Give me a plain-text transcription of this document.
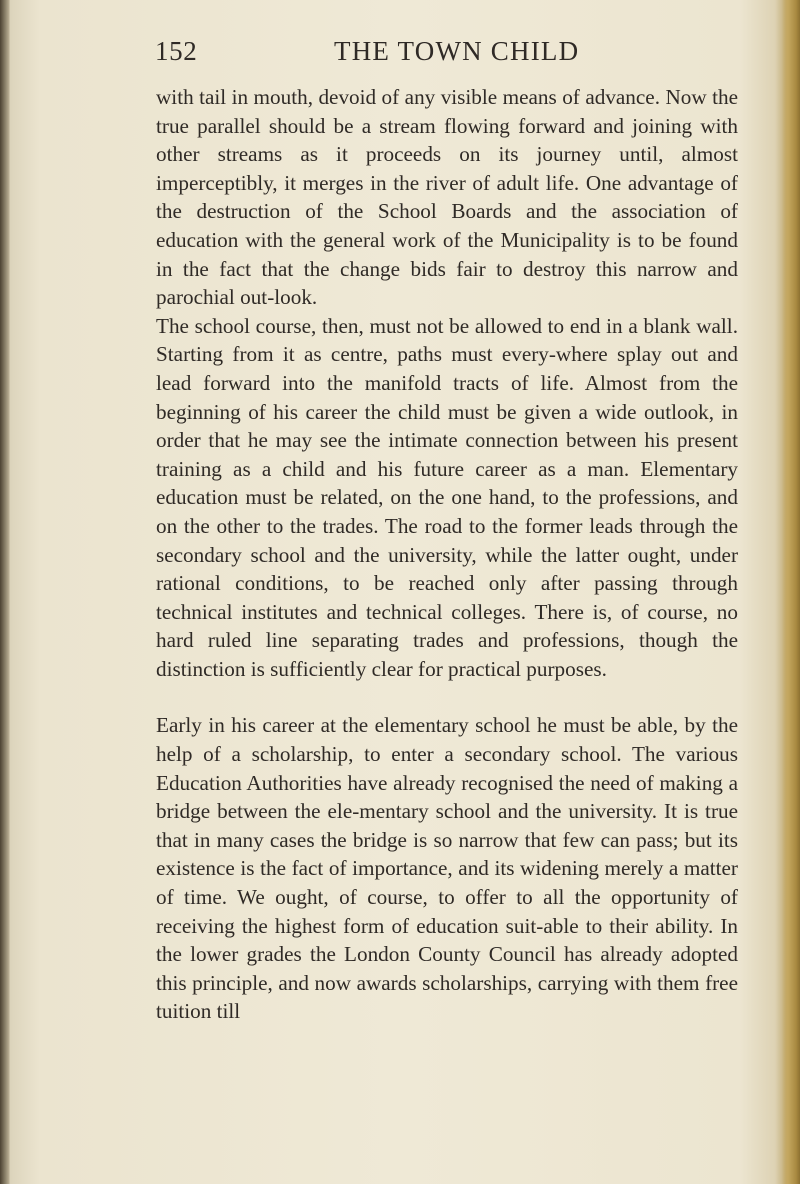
152	THE TOWN CHILD

with tail in mouth, devoid of any visible means of advance. Now the true parallel should be a stream flowing forward and joining with other streams as it proceeds on its journey until, almost imperceptibly, it merges in the river of adult life. One advantage of the destruction of the School Boards and the association of education with the general work of the Municipality is to be found in the fact that the change bids fair to destroy this narrow and parochial out-look.

The school course, then, must not be allowed to end in a blank wall. Starting from it as centre, paths must every-where splay out and lead forward into the manifold tracts of life. Almost from the beginning of his career the child must be given a wide outlook, in order that he may see the intimate connection between his present training as a child and his future career as a man. Elementary education must be related, on the one hand, to the professions, and on the other to the trades. The road to the former leads through the secondary school and the university, while the latter ought, under rational conditions, to be reached only after passing through technical institutes and technical colleges. There is, of course, no hard ruled line separating trades and professions, though the distinction is sufficiently clear for practical purposes.

Early in his career at the elementary school he must be able, by the help of a scholarship, to enter a secondary school. The various Education Authorities have already recognised the need of making a bridge between the ele-mentary school and the university. It is true that in many cases the bridge is so narrow that few can pass; but its existence is the fact of importance, and its widening merely a matter of time. We ought, of course, to offer to all the opportunity of receiving the highest form of education suit-able to their ability. In the lower grades the London County Council has already adopted this principle, and now awards scholarships, carrying with them free tuition till
